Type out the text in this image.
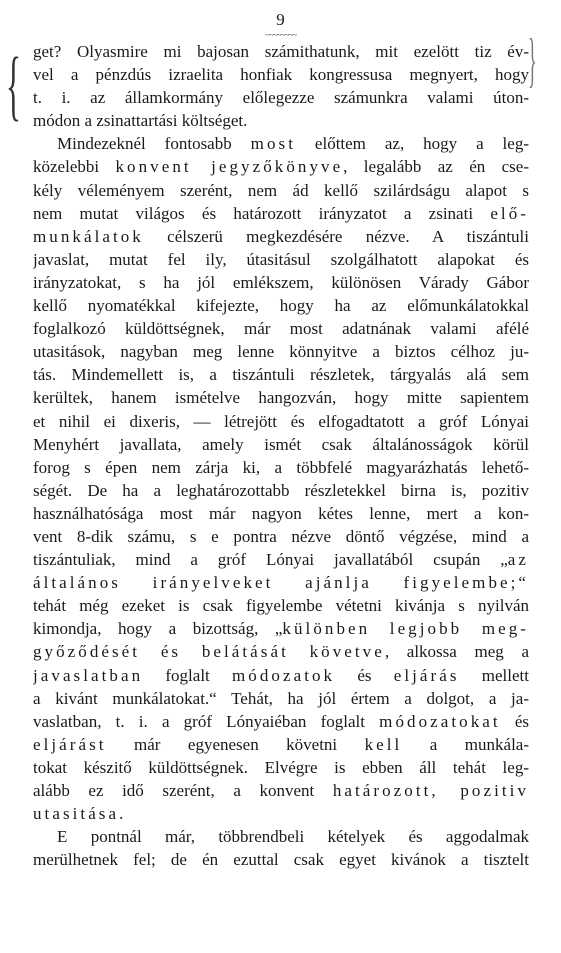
9
~~~~~~~~
{	}
get? Olyasmire mi bajosan számithatunk, mit ezelött tiz év-
vel a pénzdús izraelita honfiak kongressusa megnyert, hogy
t. i. az államkormány előlegezze számunkra valami úton-
módon a zsinattartási költséget.
Mindezeknél fontosabb most előttem az, hogy a leg-
közelebbi konvent jegyzőkönyve, legalább az én cse-
kély véleményem szerént, nem ád kellő szilárdságu alapot s
nem mutat világos és határozott irányzatot a zsinati elő-
munkálatok célszerü megkezdésére nézve. A tiszántuli
javaslat, mutat fel ily, útasitásul szolgálhatott alapokat és
irányzatokat, s ha jól emlékszem, különösen Várady Gábor
kellő nyomatékkal kifejezte, hogy ha az előmunkálatokkal
foglalkozó küldöttségnek, már most adatnának valami afélé
utasitások, nagyban meg lenne könnyitve a biztos célhoz ju-
tás. Mindemellett is, a tiszántuli részletek, tárgyalás alá sem
kerültek, hanem ismételve hangozván, hogy mitte sapientem
et nihil ei dixeris, — létrejött és elfogadtatott a gróf Lónyai
Menyhért javallata, amely ismét csak általánosságok körül
forog s épen nem zárja ki, a többfelé magyarázhatás lehető-
ségét. De ha a leghatározottabb részletekkel birna is, pozitiv
használhatósága most már nagyon kétes lenne, mert a kon-
vent 8-dik számu, s e pontra nézve döntő végzése, mind a
tiszántuliak, mind a gróf Lónyai javallatából csupán „az
általános irányelveket ajánlja figyelembe;“
tehát még ezeket is csak figyelembe vétetni kivánja s nyilván
kimondja, hogy a bizottság, „különben legjobb meg-
győződését és belátását követve, alkossa meg a
javaslatban foglalt módozatok és eljárás mellett
a kivánt munkálatokat.“ Tehát, ha jól értem a dolgot, a ja-
vaslatban, t. i. a gróf Lónyaiéban foglalt módozatokat és
eljárást már egyenesen követni kell a munkála-
tokat készitő küldöttségnek. Elvégre is ebben áll tehát leg-
alább ez idő szerént, a konvent határozott, pozitiv
utasitása.
E pontnál már, többrendbeli kételyek és aggodalmak
merülhetnek fel; de én ezuttal csak egyet kivánok a tisztelt
